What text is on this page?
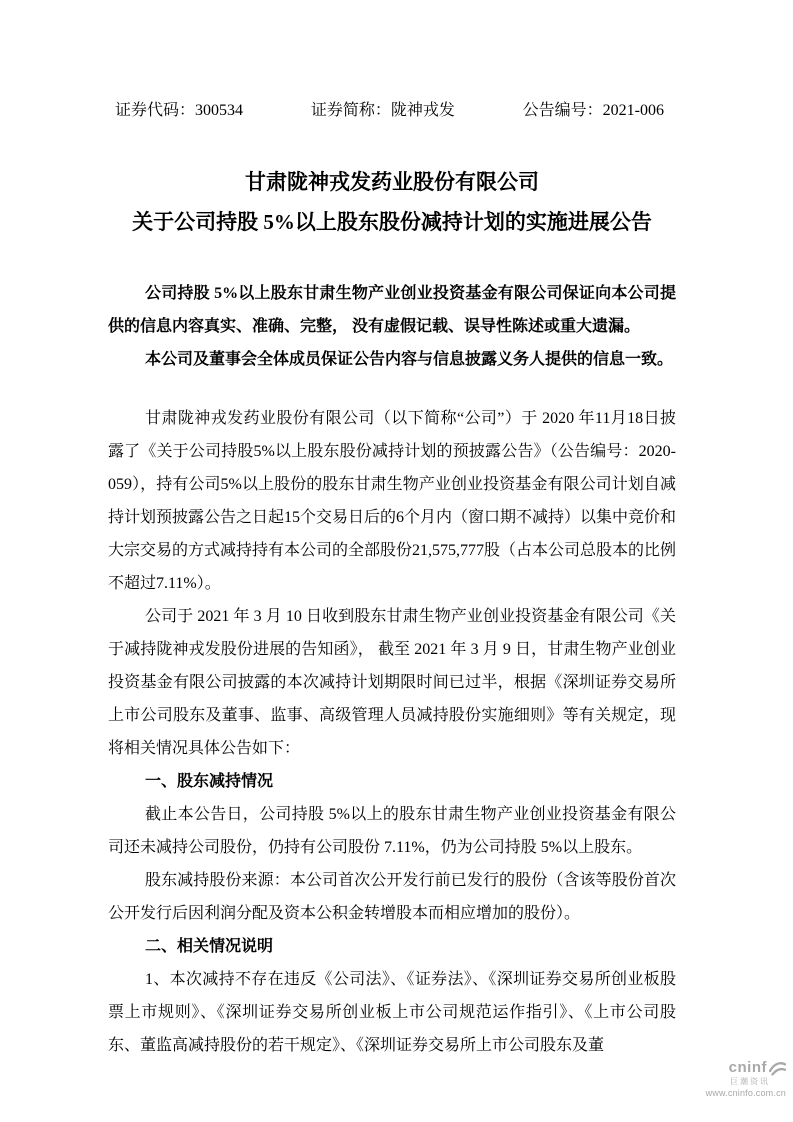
证券代码：300534	证券简称：陇神戎发	公告编号：2021-006
甘肃陇神戎发药业股份有限公司
关于公司持股 5%以上股东股份减持计划的实施进展公告

公司持股 5%以上股东甘肃生物产业创业投资基金有限公司保证向本公司提供的信息内容真实、准确、完整， 没有虚假记载、误导性陈述或重大遗漏。

本公司及董事会全体成员保证公告内容与信息披露义务人提供的信息一致。

甘肃陇神戎发药业股份有限公司（以下简称“公司”）于 2020 年11月18日披露了《关于公司持股5%以上股东股份减持计划的预披露公告》（公告编号：2020-059），持有公司5%以上股份的股东甘肃生物产业创业投资基金有限公司计划自减持计划预披露公告之日起15个交易日后的6个月内（窗口期不减持）以集中竞价和大宗交易的方式减持持有本公司的全部股份21,575,777股（占本公司总股本的比例不超过7.11%）。

公司于 2021 年 3 月 10 日收到股东甘肃生物产业创业投资基金有限公司《关于减持陇神戎发股份进展的告知函》， 截至 2021 年 3 月 9 日，甘肃生物产业创业投资基金有限公司披露的本次减持计划期限时间已过半，根据《深圳证券交易所上市公司股东及董事、监事、高级管理人员减持股份实施细则》等有关规定，现将相关情况具体公告如下：

一、股东减持情况

截止本公告日，公司持股 5%以上的股东甘肃生物产业创业投资基金有限公司还未减持公司股份，仍持有公司股份 7.11%，仍为公司持股 5%以上股东。

股东减持股份来源：本公司首次公开发行前已发行的股份（含该等股份首次公开发行后因利润分配及资本公积金转增股本而相应增加的股份）。

二、相关情况说明

1、本次减持不存在违反《公司法》、《证券法》、《深圳证券交易所创业板股票上市规则》、《深圳证券交易所创业板上市公司规范运作指引》、《上市公司股东、董监高减持股份的若干规定》、《深圳证券交易所上市公司股东及董

cninf
巨潮资讯
www.cninfo.com.cn
